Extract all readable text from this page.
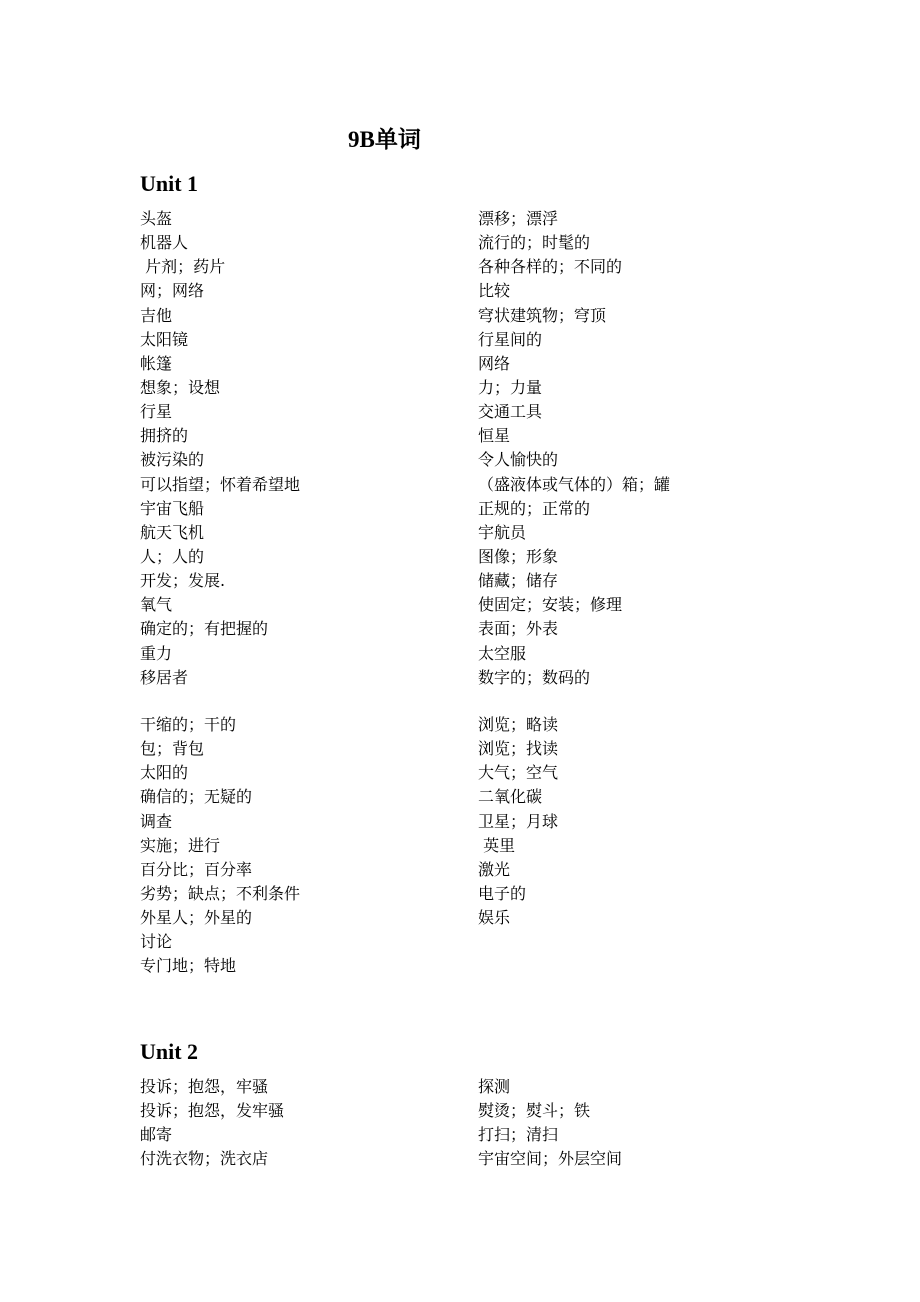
9B单词
Unit 1
头盔
机器人
片剂；药片
网；网络
吉他
太阳镜
帐篷
想象；设想
行星
拥挤的
被污染的
可以指望；怀着希望地
宇宙飞船
航天飞机
人；人的
开发；发展.
氧气
确定的；有把握的
重力
移居者
漂移；漂浮
流行的；时髦的
各种各样的；不同的
比较
穹状建筑物；穹顶
行星间的
网络
力；力量
交通工具
恒星
令人愉快的
（盛液体或气体的）箱；罐
正规的；正常的
宇航员
图像；形象
储藏；储存
使固定；安装；修理
表面；外表
太空服
数字的；数码的
干缩的；干的
包；背包
太阳的
确信的；无疑的
调查
实施；进行
百分比；百分率
劣势；缺点；不利条件
外星人；外星的
讨论
专门地；特地
浏览；略读
浏览；找读
大气；空气
二氧化碳
卫星；月球
英里
激光
电子的
娱乐
Unit 2
投诉；抱怨，牢骚
投诉；抱怨，发牢骚
邮寄
付洗衣物；洗衣店
探测
熨烫；熨斗；铁
打扫；清扫
宇宙空间；外层空间
